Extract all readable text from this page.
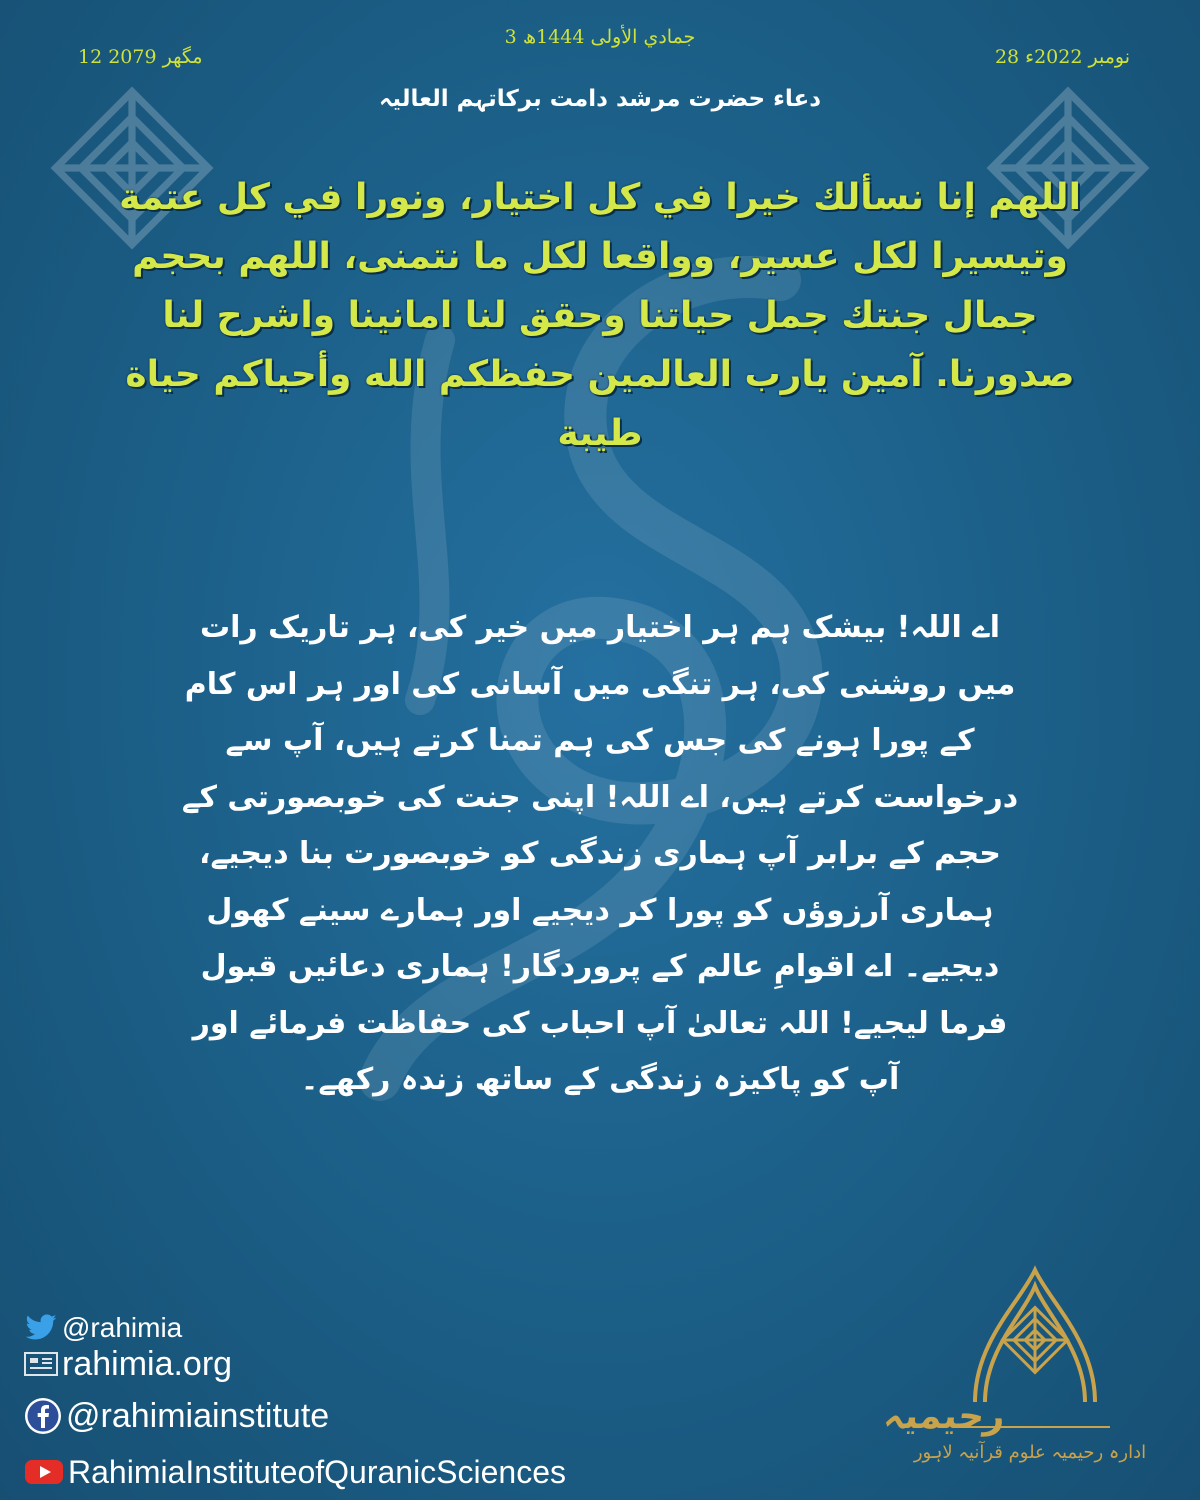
3 جمادي الأولى 1444ھ
12 مگھر 2079	28 نومبر 2022ء
دعاء حضرت مرشد دامت برکاتہم العالیہ
اللهم إنا نسألك خيرا في كل اختيار، ونورا في كل عتمة وتيسيرا لكل عسير، وواقعا لكل ما نتمنى، اللهم بحجم جمال جنتك جمل حياتنا وحقق لنا امانينا واشرح لنا صدورنا. آمين يارب العالمين حفظكم الله وأحياكم حياة طيبة
اے اللہ! بیشک ہم ہر اختیار میں خیر کی، ہر تاریک رات میں روشنی کی، ہر تنگی میں آسانی کی اور ہر اس کام کے پورا ہونے کی جس کی ہم تمنا کرتے ہیں، آپ سے درخواست کرتے ہیں، اے اللہ! اپنی جنت کی خوبصورتی کے حجم کے برابر آپ ہماری زندگی کو خوبصورت بنا دیجیے، ہماری آرزوؤں کو پورا کر دیجیے اور ہمارے سینے کھول دیجیے۔ اے اقوامِ عالم کے پروردگار! ہماری دعائیں قبول فرما لیجیے! اللہ تعالیٰ آپ احباب کی حفاظت فرمائے اور آپ کو پاکیزہ زندگی کے ساتھ زندہ رکھے۔
@rahimia
rahimia.org
@rahimiainstitute
RahimiaInstituteofQuranicSciences
رحیمیہ
ادارہ رحیمیہ علوم قرآنیہ لاہور
